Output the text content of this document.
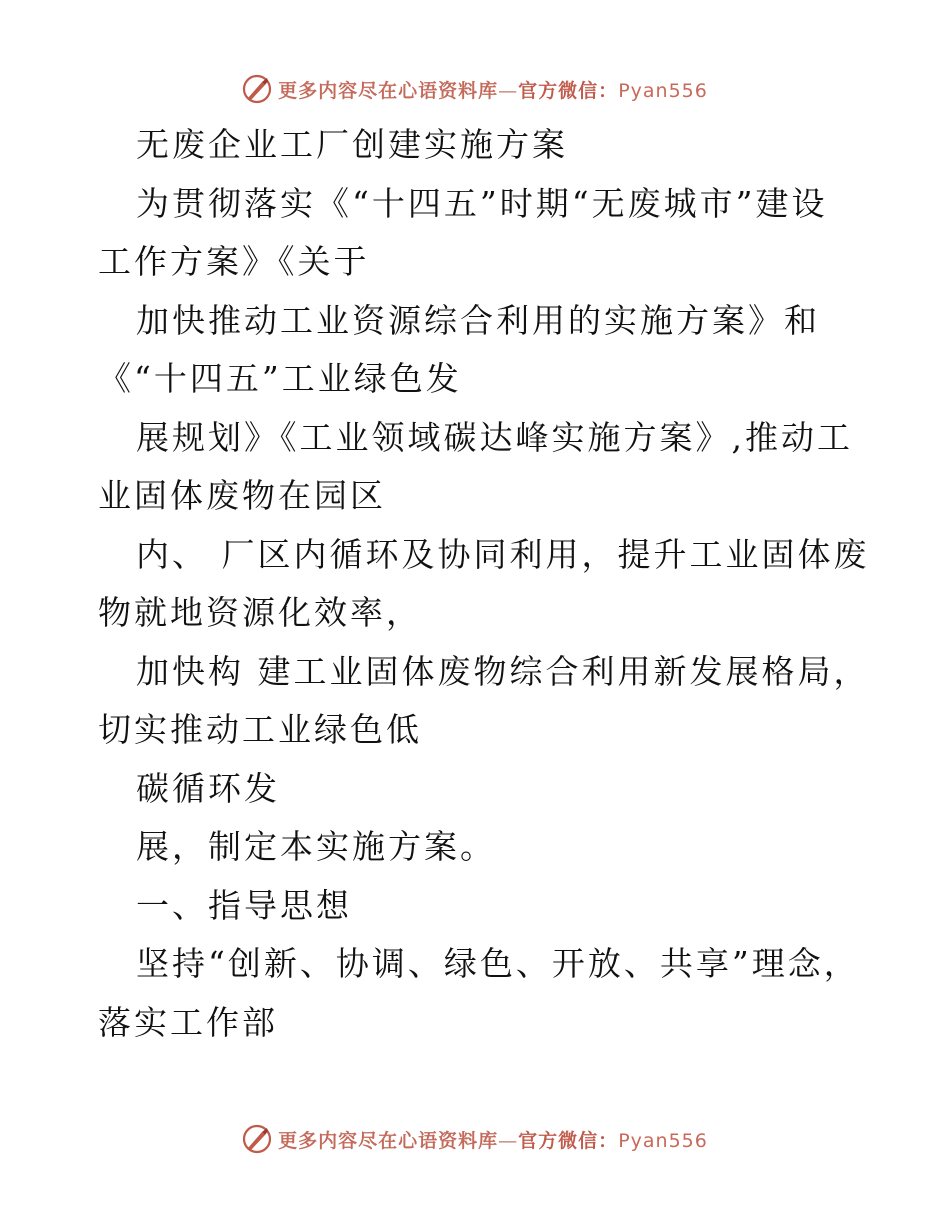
更多内容尽在心语资料库—官方微信：Pyan556
无废企业工厂创建实施方案
为贯彻落实《“十四五”时期“无废城市”建设
工作方案》《关于
加快推动工业资源综合利用的实施方案》和
《“十四五”工业绿色发
展规划》《工业领域碳达峰实施方案》,推动工
业固体废物在园区
内、 厂区内循环及协同利用，提升工业固体废
物就地资源化效率，
加快构 建工业固体废物综合利用新发展格局，
切实推动工业绿色低
碳循环发
展，制定本实施方案。
一、指导思想
坚持“创新、协调、绿色、开放、共享”理念，
落实工作部
更多内容尽在心语资料库—官方微信：Pyan556
